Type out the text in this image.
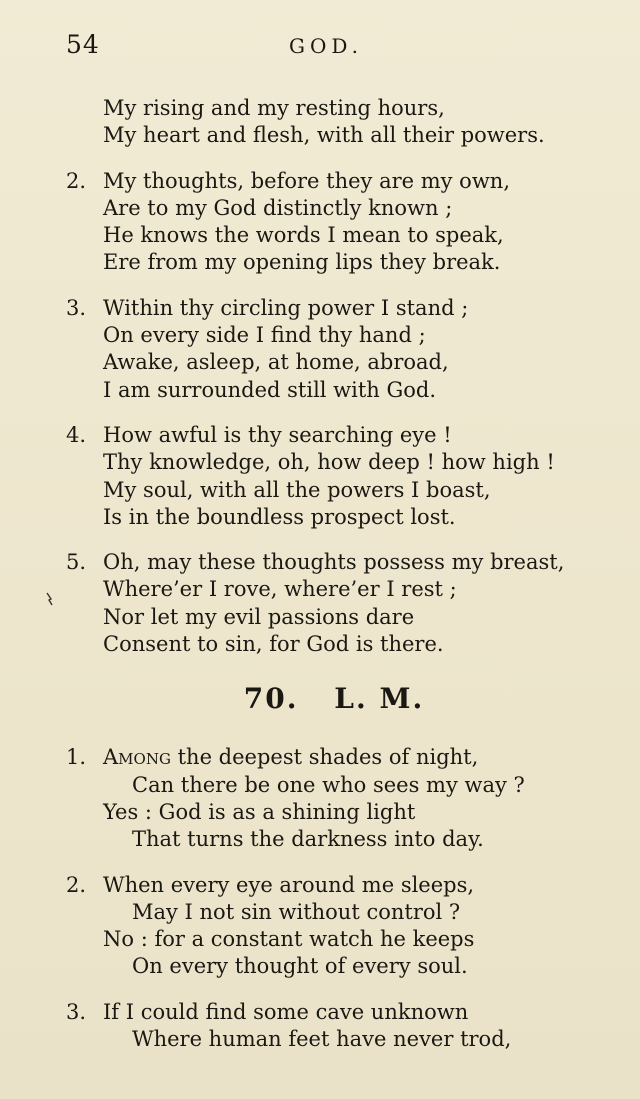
54	GOD.
My rising and my resting hours,
My heart and flesh, with all their powers.
2. My thoughts, before they are my own,
Are to my God distinctly known ;
He knows the words I mean to speak,
Ere from my opening lips they break.
3. Within thy circling power I stand ;
On every side I find thy hand ;
Awake, asleep, at home, abroad,
I am surrounded still with God.
4. How awful is thy searching eye !
Thy knowledge, oh, how deep ! how high !
My soul, with all the powers I boast,
Is in the boundless prospect lost.
5. Oh, may these thoughts possess my breast,
Where’er I rove, where’er I rest ;
Nor let my evil passions dare
Consent to sin, for God is there.
70. L. M.
1. Among the deepest shades of night,
Can there be one who sees my way ?
Yes : God is as a shining light
That turns the darkness into day.
2. When every eye around me sleeps,
May I not sin without control ?
No : for a constant watch he keeps
On every thought of every soul.
3. If I could find some cave unknown
Where human feet have never trod,
